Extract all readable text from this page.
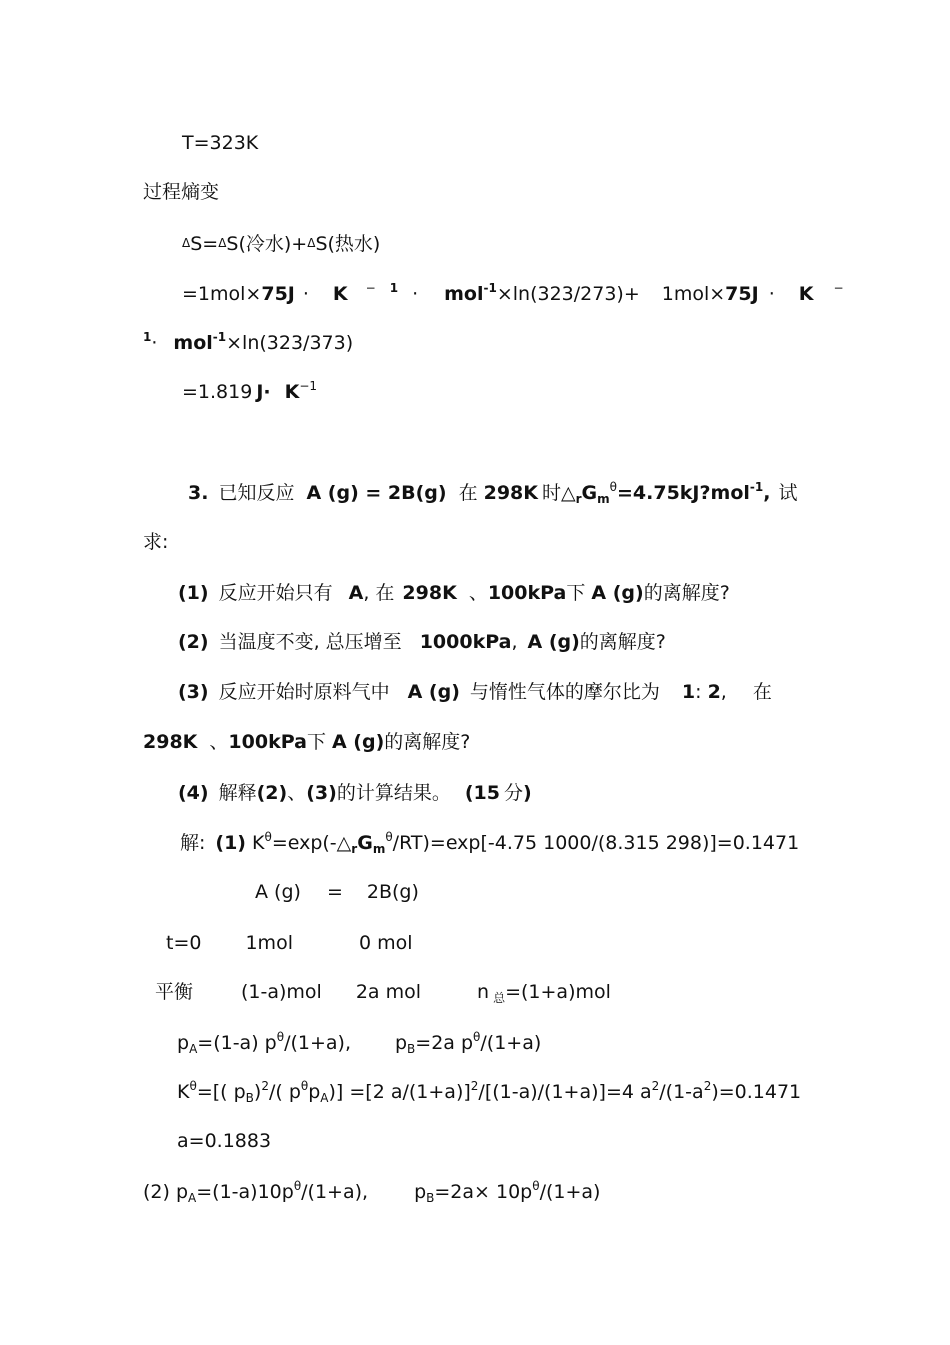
T=323K
过程熵变
ΔS=ΔS(冷水)+ΔS(热水)
=1mol×75J · K − $^1$ · mol$^{-1}$×ln(323/273)+ 1mol×75J · K −
$^1$· mol$^{-1}$×ln(323/373)
=1.819 $J\cdot K^{-1}$
3. 已知反应 A (g) = 2B(g) 在 298K 时$\triangle_rG_m^\theta=4.75kJ?mol^{-1}$, 试
求:
(1) 反应开始只有 A, 在 298K 、100kPa下 A (g)的离解度?
(2) 当温度不变, 总压增至 1000kPa, A (g)的离解度?
(3) 反应开始时原料气中 A (g) 与惰性气体的摩尔比为 1: 2, 在
298K 、100kPa下 A (g)的离解度?
(4) 解释(2)、(3)的计算结果。 (15 分)
解: (1) $K^\theta=\exp(-\triangle_rG_m^\theta/RT)=\exp[-4.75$ 1000/(8.315 298)]=0.1471
A (g) = 2B(g)
t=0 1mol	0 mol
平衡	(1-a)mol 2a mol	n $_总$=(1+a)mol
$p_A=(1-a)$ $p^\theta/(1+a)$, $p_B=2a$ $p^\theta/(1+a)$
$K^\theta=$[( $p_B)^2/$( $p^\theta p_A)] =[2$ a/(1+a)]$^2$/[(1-a)/(1+a)]=4 $a^2/(1-a^2)=0.1471$
a=0.1883
(2) $p_A=(1-a)10p^\theta/(1+a)$, $p_B=2a\times 10p^\theta/(1+a)$
